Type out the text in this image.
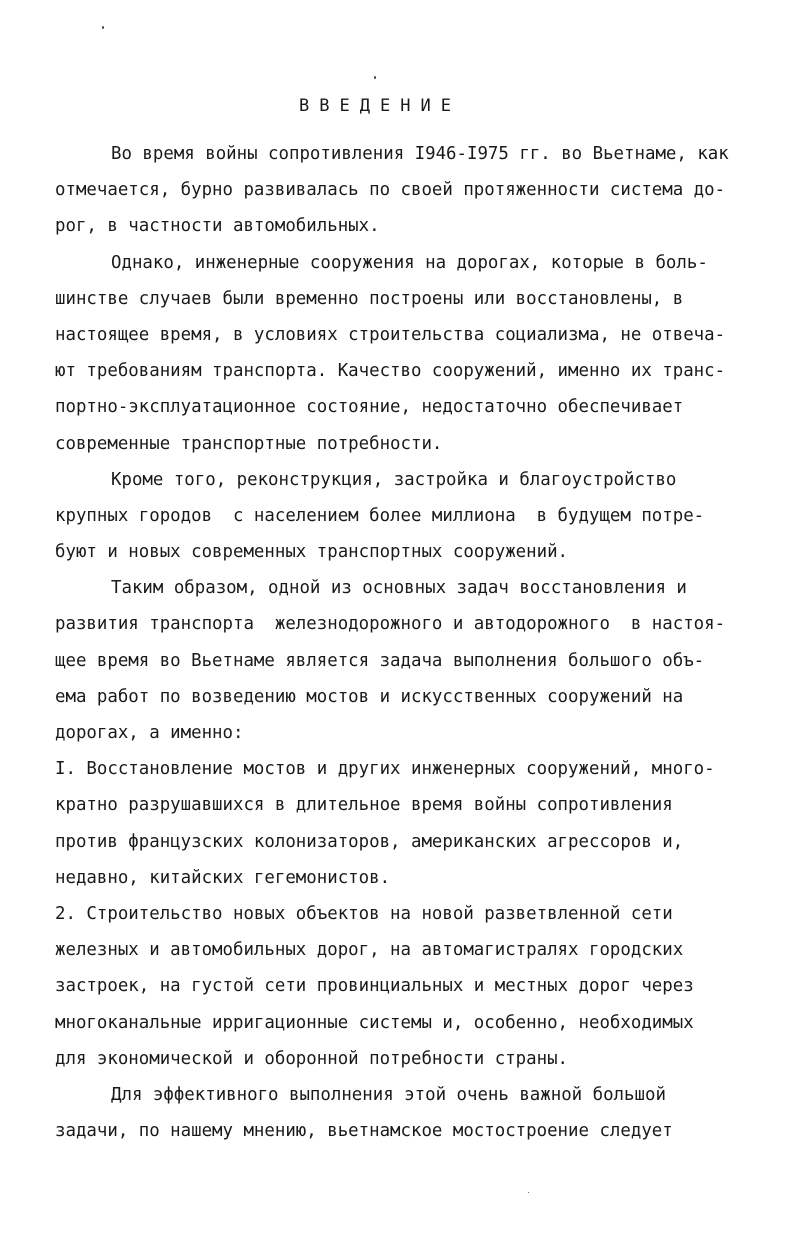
ВВЕДЕНИЕ
Во время войны сопротивления I946-I975 гг. во Вьетнаме, как
отмечается, бурно развивалась по своей протяженности система до-
рог, в частности автомобильных.
Однако, инженерные сооружения на дорогах, которые в боль-
шинстве случаев были временно построены или восстановлены, в
настоящее время, в условиях строительства социализма, не отвеча-
ют требованиям транспорта. Качество сооружений, именно их транс-
портно-эксплуатационное состояние, недостаточно обеспечивает
современные транспортные потребности.
Кроме того, реконструкция, застройка и благоустройство
крупных городов  с населением более миллиона  в будущем потре-
буют и новых современных транспортных сооружений.
Таким образом, одной из основных задач восстановления и
развития транспорта  железнодорожного и автодорожного  в настоя-
щее время во Вьетнаме является задача выполнения большого объ-
ема работ по возведению мостов и искусственных сооружений на
дорогах, а именно:
I. Восстановление мостов и других инженерных сооружений, много-
кратно разрушавшихся в длительное время войны сопротивления
против французских колонизаторов, американских агрессоров и,
недавно, китайских гегемонистов.
2. Строительство новых объектов на новой разветвленной сети
железных и автомобильных дорог, на автомагистралях городских
застроек, на густой сети провинциальных и местных дорог через
многоканальные ирригационные системы и, особенно, необходимых
для экономической и оборонной потребности страны.
Для эффективного выполнения этой очень важной большой
задачи, по нашему мнению, вьетнамское мостостроение следует
